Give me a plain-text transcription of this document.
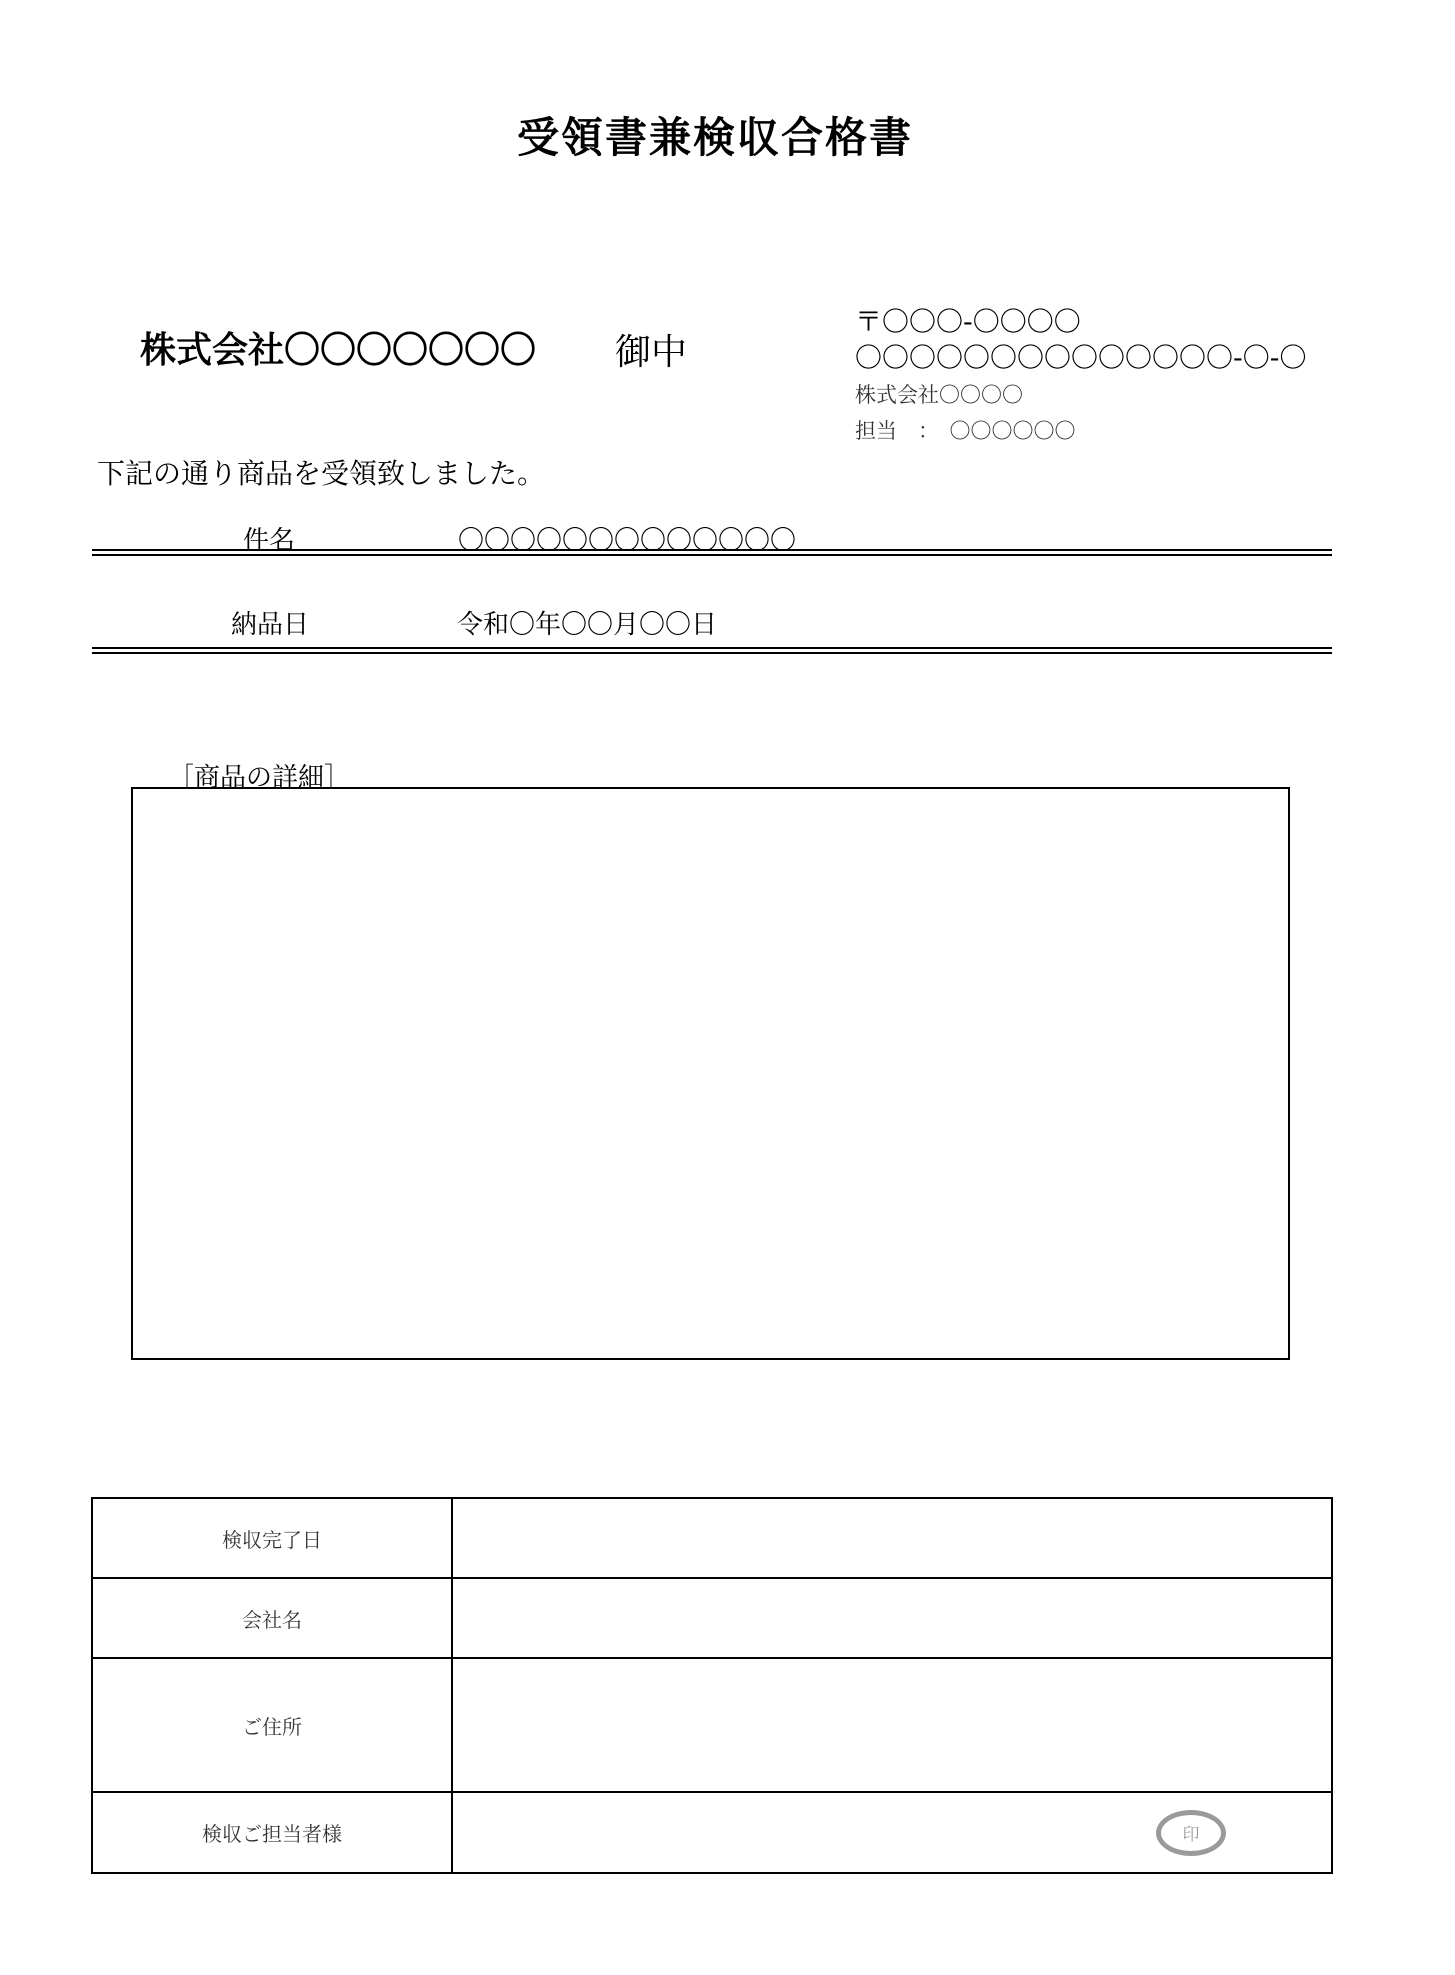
受領書兼検収合格書
株式会社〇〇〇〇〇〇〇 御中
〒〇〇〇-〇〇〇〇
〇〇〇〇〇〇〇〇〇〇〇〇〇〇-〇-〇
株式会社〇〇〇〇
担当　：　〇〇〇〇〇〇
下記の通り商品を受領致しました。
件名	〇〇〇〇〇〇〇〇〇〇〇〇〇
納品日	令和〇年〇〇月〇〇日
［商品の詳細］
検収完了日	
会社名	
ご住所	
検収ご担当者様	印
